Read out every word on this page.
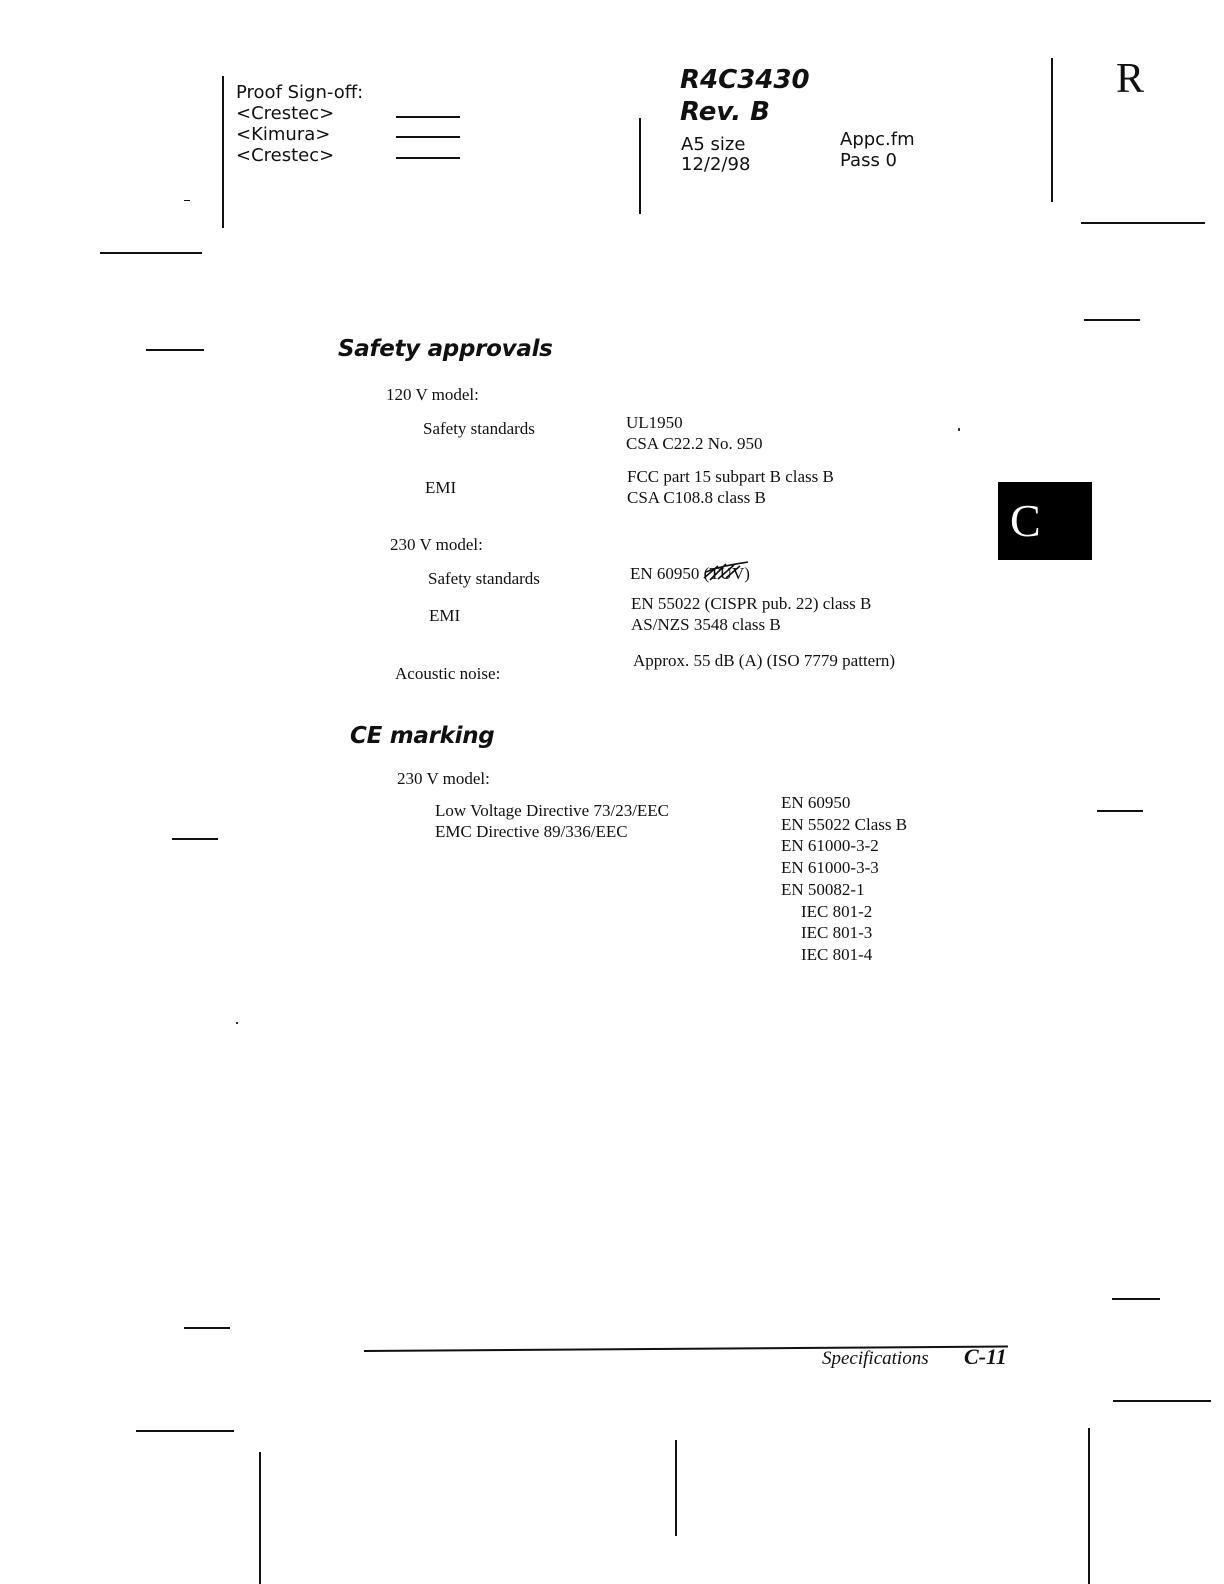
Proof Sign-off:
<Crestec>
<Kimura>
<Crestec>
R4C3430
Rev. B
A5 size
12/2/98
Appc.fm
Pass 0
R
C
Safety approvals
120 V model:
Safety standards	UL1950
CSA C22.2 No. 950
EMI
FCC part 15 subpart B class B
CSA C108.8 class B
230 V model:
Safety standards	EN 60950 (TÜV)
EMI
EN 55022 (CISPR pub. 22) class B
AS/NZS 3548 class B
Acoustic noise:
Approx. 55 dB (A) (ISO 7779 pattern)
CE marking
230 V model:
Low Voltage Directive 73/23/EEC
EMC Directive 89/336/EEC
EN 60950
EN 55022 Class B
EN 61000-3-2
EN 61000-3-3
EN 50082-1
IEC 801-2
IEC 801-3
IEC 801-4
Specifications C-11
